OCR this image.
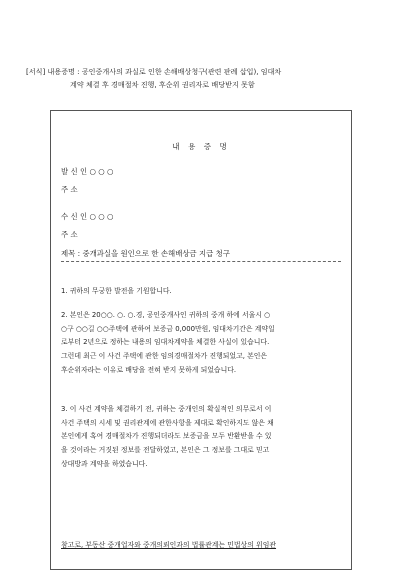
[서식] 내용증명 : 공인중개사의 과실로 인한 손해배상청구(관련 판례 삽입), 임대차
계약 체결 후 경매절차 진행, 후순위 권리자로 배당받지 못함
내 용 증 명
발 신 인 ○ ○ ○
주 소
수 신 인 ○ ○ ○
주 소
제목 : 중개과실을 원인으로 한 손해배상금 지급 청구
1. 귀하의 무궁한 발전을 기원합니다.
2. 본인은 20○○. ○. ○.경, 공인중개사인 귀하의 중개 하에 서울시 ○
○구 ○○길 ○○주택에 관하여 보증금 0,000만원, 임대차기간은 계약일
로부터 2년으로 정하는 내용의 임대차계약을 체결한 사실이 있습니다.
그런데 최근 이 사건 주택에 관한 임의경매절차가 진행되었고, 본인은
후순위자라는 이유로 배당을 전혀 받지 못하게 되었습니다.
3. 이 사건 계약을 체결하기 전, 귀하는 중개인의 확실적인 의무로서 이
사건 주택의 시세 및 권리관계에 관한사항을 제대로 확인하지도 않은 채
본인에게 혹여 경매절차가 진행되더라도 보증금을 모두 반환받을 수 있
을 것이라는 거짓된 정보를 전달하였고, 본인은 그 정보를 그대로 믿고
상대방과 계약을 하였습니다.
참고로, 부동산 중개업자와 중개의뢰인과의 법률관계는 민법상의 위임관
